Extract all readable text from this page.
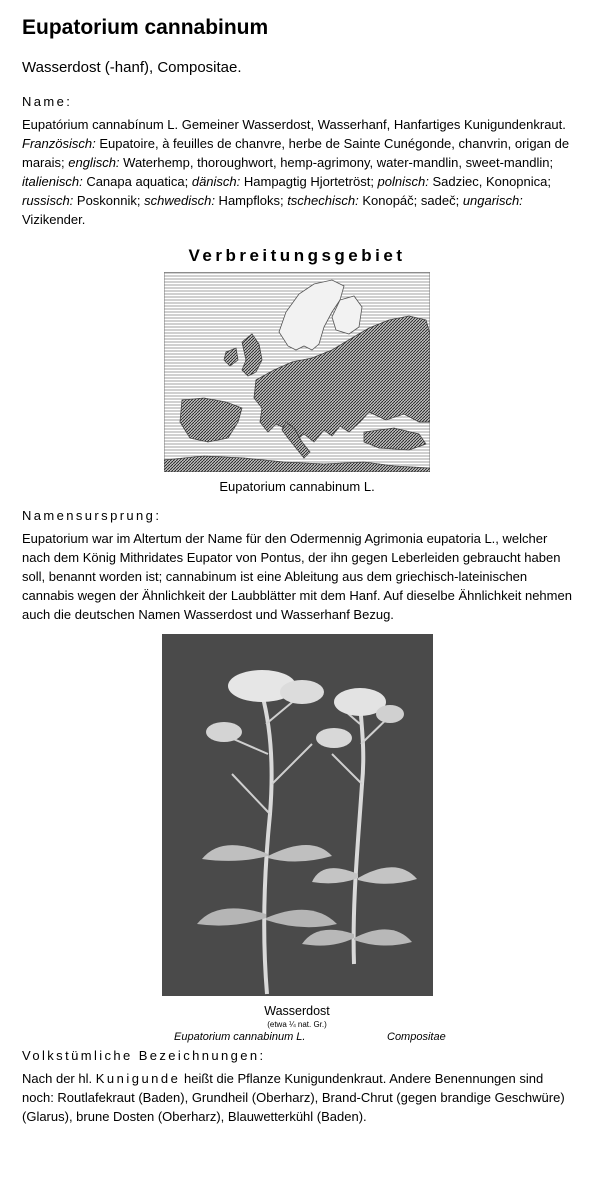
Eupatorium cannabinum

Wasserdost (-hanf), Compositae.

Name:

Eupatórium cannabínum L. Gemeiner Wasserdost, Wasserhanf, Hanfartiges Kunigundenkraut. Französisch: Eupatoire, à feuilles de chanvre, herbe de Sainte Cunégonde, chanvrin, origan de marais; englisch: Waterhemp, thoroughwort, hemp-agrimony, water-mandlin, sweet-mandlin; italienisch: Canapa aquatica; dänisch: Hampagtig Hjortetröst; polnisch: Sadziec, Konopnica; russisch: Poskonnik; schwedisch: Hampfloks; tschechisch: Konopáč; sadeč; ungarisch: Vizikender.

Verbreitungsgebiet

Eupatorium cannabinum L.

Namensursprung:

Eupatorium war im Altertum der Name für den Odermennig Agrimonia eupatoria L., welcher nach dem König Mithridates Eupator von Pontus, der ihn gegen Leberleiden gebraucht haben soll, benannt worden ist; cannabinum ist eine Ableitung aus dem griechisch-lateinischen cannabis wegen der Ähnlichkeit der Laubblätter mit dem Hanf. Auf dieselbe Ähnlichkeit nehmen auch die deutschen Namen Wasserdost und Wasserhanf Bezug.

Wasserdost

(etwa ¼ nat. Gr.)

Eupatorium cannabinum L.	Compositae

Volkstümliche Bezeichnungen:

Nach der hl. Kunigunde heißt die Pflanze Kunigundenkraut. Andere Benennungen sind noch: Routlafekraut (Baden), Grundheil (Oberharz), Brand-Chrut (gegen brandige Geschwüre) (Glarus), brune Dosten (Oberharz), Blauwetterkühl (Baden).
